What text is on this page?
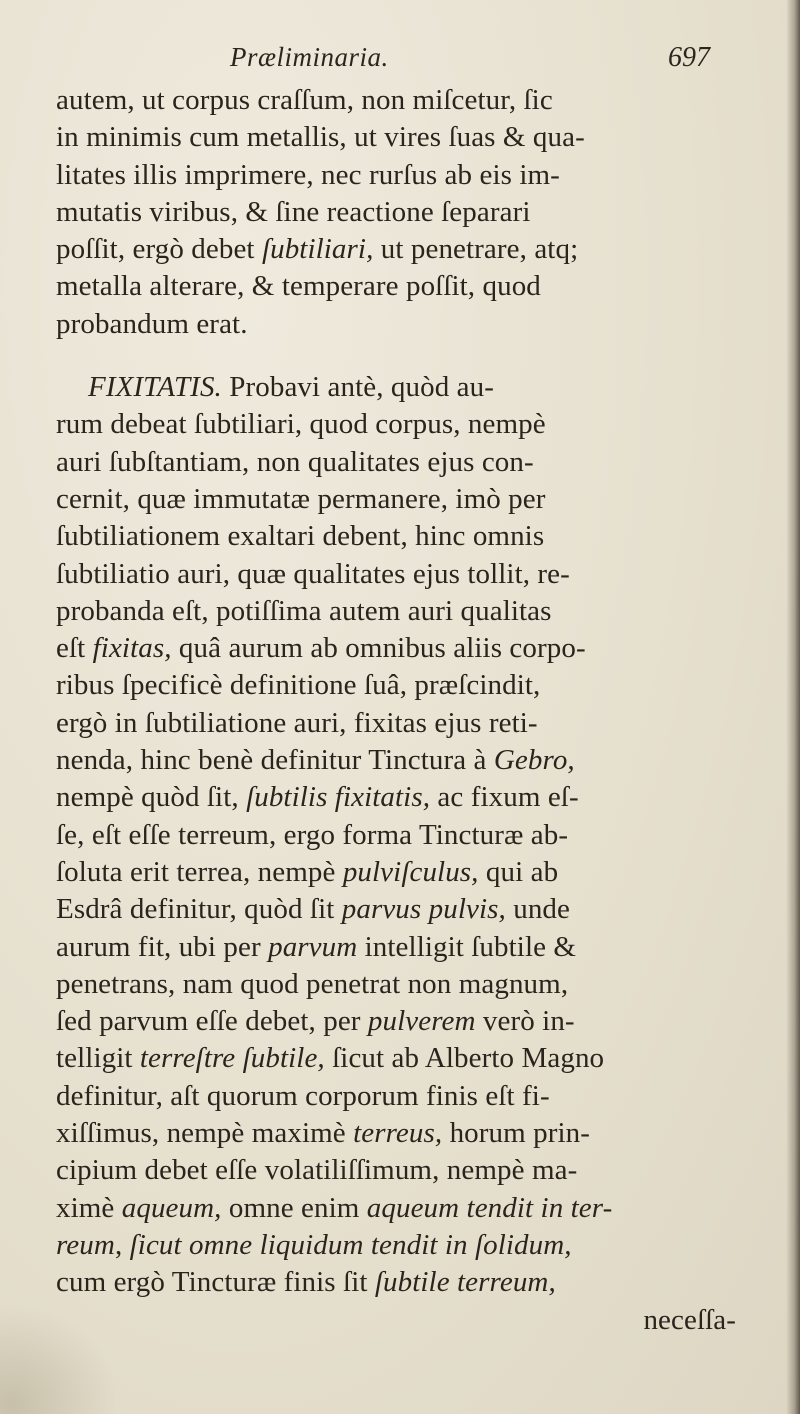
Præliminaria.	697
autem, ut corpus craſſum, non miſcetur, ſic
in minimis cum metallis, ut vires ſuas & qua-
litates illis imprimere, nec rurſus ab eis im-
mutatis viribus, & ſine reactione ſeparari
poſſit, ergò debet ſubtiliari, ut penetrare, atq;
metalla alterare, & temperare poſſit, quod
probandum erat.
FIXITATIS. Probavi antè, quòd au-
rum debeat ſubtiliari, quod corpus, nempè
auri ſubſtantiam, non qualitates ejus con-
cernit, quæ immutatæ permanere, imò per
ſubtiliationem exaltari debent, hinc omnis
ſubtiliatio auri, quæ qualitates ejus tollit, re-
probanda eſt, potiſſima autem auri qualitas
eſt fixitas, quâ aurum ab omnibus aliis corpo-
ribus ſpecificè definitione ſuâ, præſcindit,
ergò in ſubtiliatione auri, fixitas ejus reti-
nenda, hinc benè definitur Tinctura à Gebro,
nempè quòd ſit, ſubtilis fixitatis, ac fixum eſ-
ſe, eſt eſſe terreum, ergo forma Tincturæ ab-
ſoluta erit terrea, nempè pulviſculus, qui ab
Esdrâ definitur, quòd ſit parvus pulvis, unde
aurum fit, ubi per parvum intelligit ſubtile &
penetrans, nam quod penetrat non magnum,
ſed parvum eſſe debet, per pulverem verò in-
telligit terreſtre ſubtile, ſicut ab Alberto Magno
definitur, aſt quorum corporum finis eſt fi-
xiſſimus, nempè maximè terreus, horum prin-
cipium debet eſſe volatiliſſimum, nempè ma-
ximè aqueum, omne enim aqueum tendit in ter-
reum, ſicut omne liquidum tendit in ſolidum,
cum ergò Tincturæ finis ſit ſubtile terreum,
neceſſa-
